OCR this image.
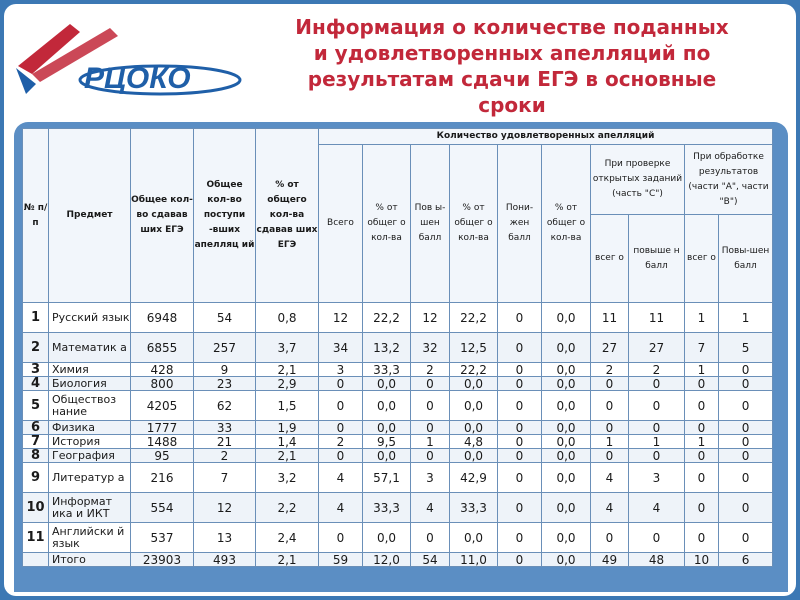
РЦОКО
Информация о количестве поданных
и удовлетворенных апелляций по
результатам сдачи ЕГЭ в основные
сроки
№ п/п	Предмет	Общее кол-во сдавав ших ЕГЭ	Общее кол-во поступи -вших апелляц ий	% от общего кол-ва сдавав ших ЕГЭ	Количество удовлетворенных апелляций									
					Всего	% от общег о кол-ва	Пов ы-шен балл	% от общег о кол-ва	Пони-жен балл	% от общег о кол-ва	При проверке открытых заданий (часть "С")		При обработке результатов (части "А", части "В")	
											всег о	повыше н балл	всег о	Повы-шен балл
1	Русский язык	6948	54	0,8	12	22,2	12	22,2	0	0,0	11	11	1	1
2	Математик а	6855	257	3,7	34	13,2	32	12,5	0	0,0	27	27	7	5
3	Химия	428	9	2,1	3	33,3	2	22,2	0	0,0	2	2	1	0
4	Биология	800	23	2,9	0	0,0	0	0,0	0	0,0	0	0	0	0
5	Обществоз нание	4205	62	1,5	0	0,0	0	0,0	0	0,0	0	0	0	0
6	Физика	1777	33	1,9	0	0,0	0	0,0	0	0,0	0	0	0	0
7	История	1488	21	1,4	2	9,5	1	4,8	0	0,0	1	1	1	0
8	География	95	2	2,1	0	0,0	0	0,0	0	0,0	0	0	0	0
9	Литератур а	216	7	3,2	4	57,1	3	42,9	0	0,0	4	3	0	0
10	Информат ика и ИКТ	554	12	2,2	4	33,3	4	33,3	0	0,0	4	4	0	0
11	Английски й язык	537	13	2,4	0	0,0	0	0,0	0	0,0	0	0	0	0
	Итого	23903	493	2,1	59	12,0	54	11,0	0	0,0	49	48	10	6
